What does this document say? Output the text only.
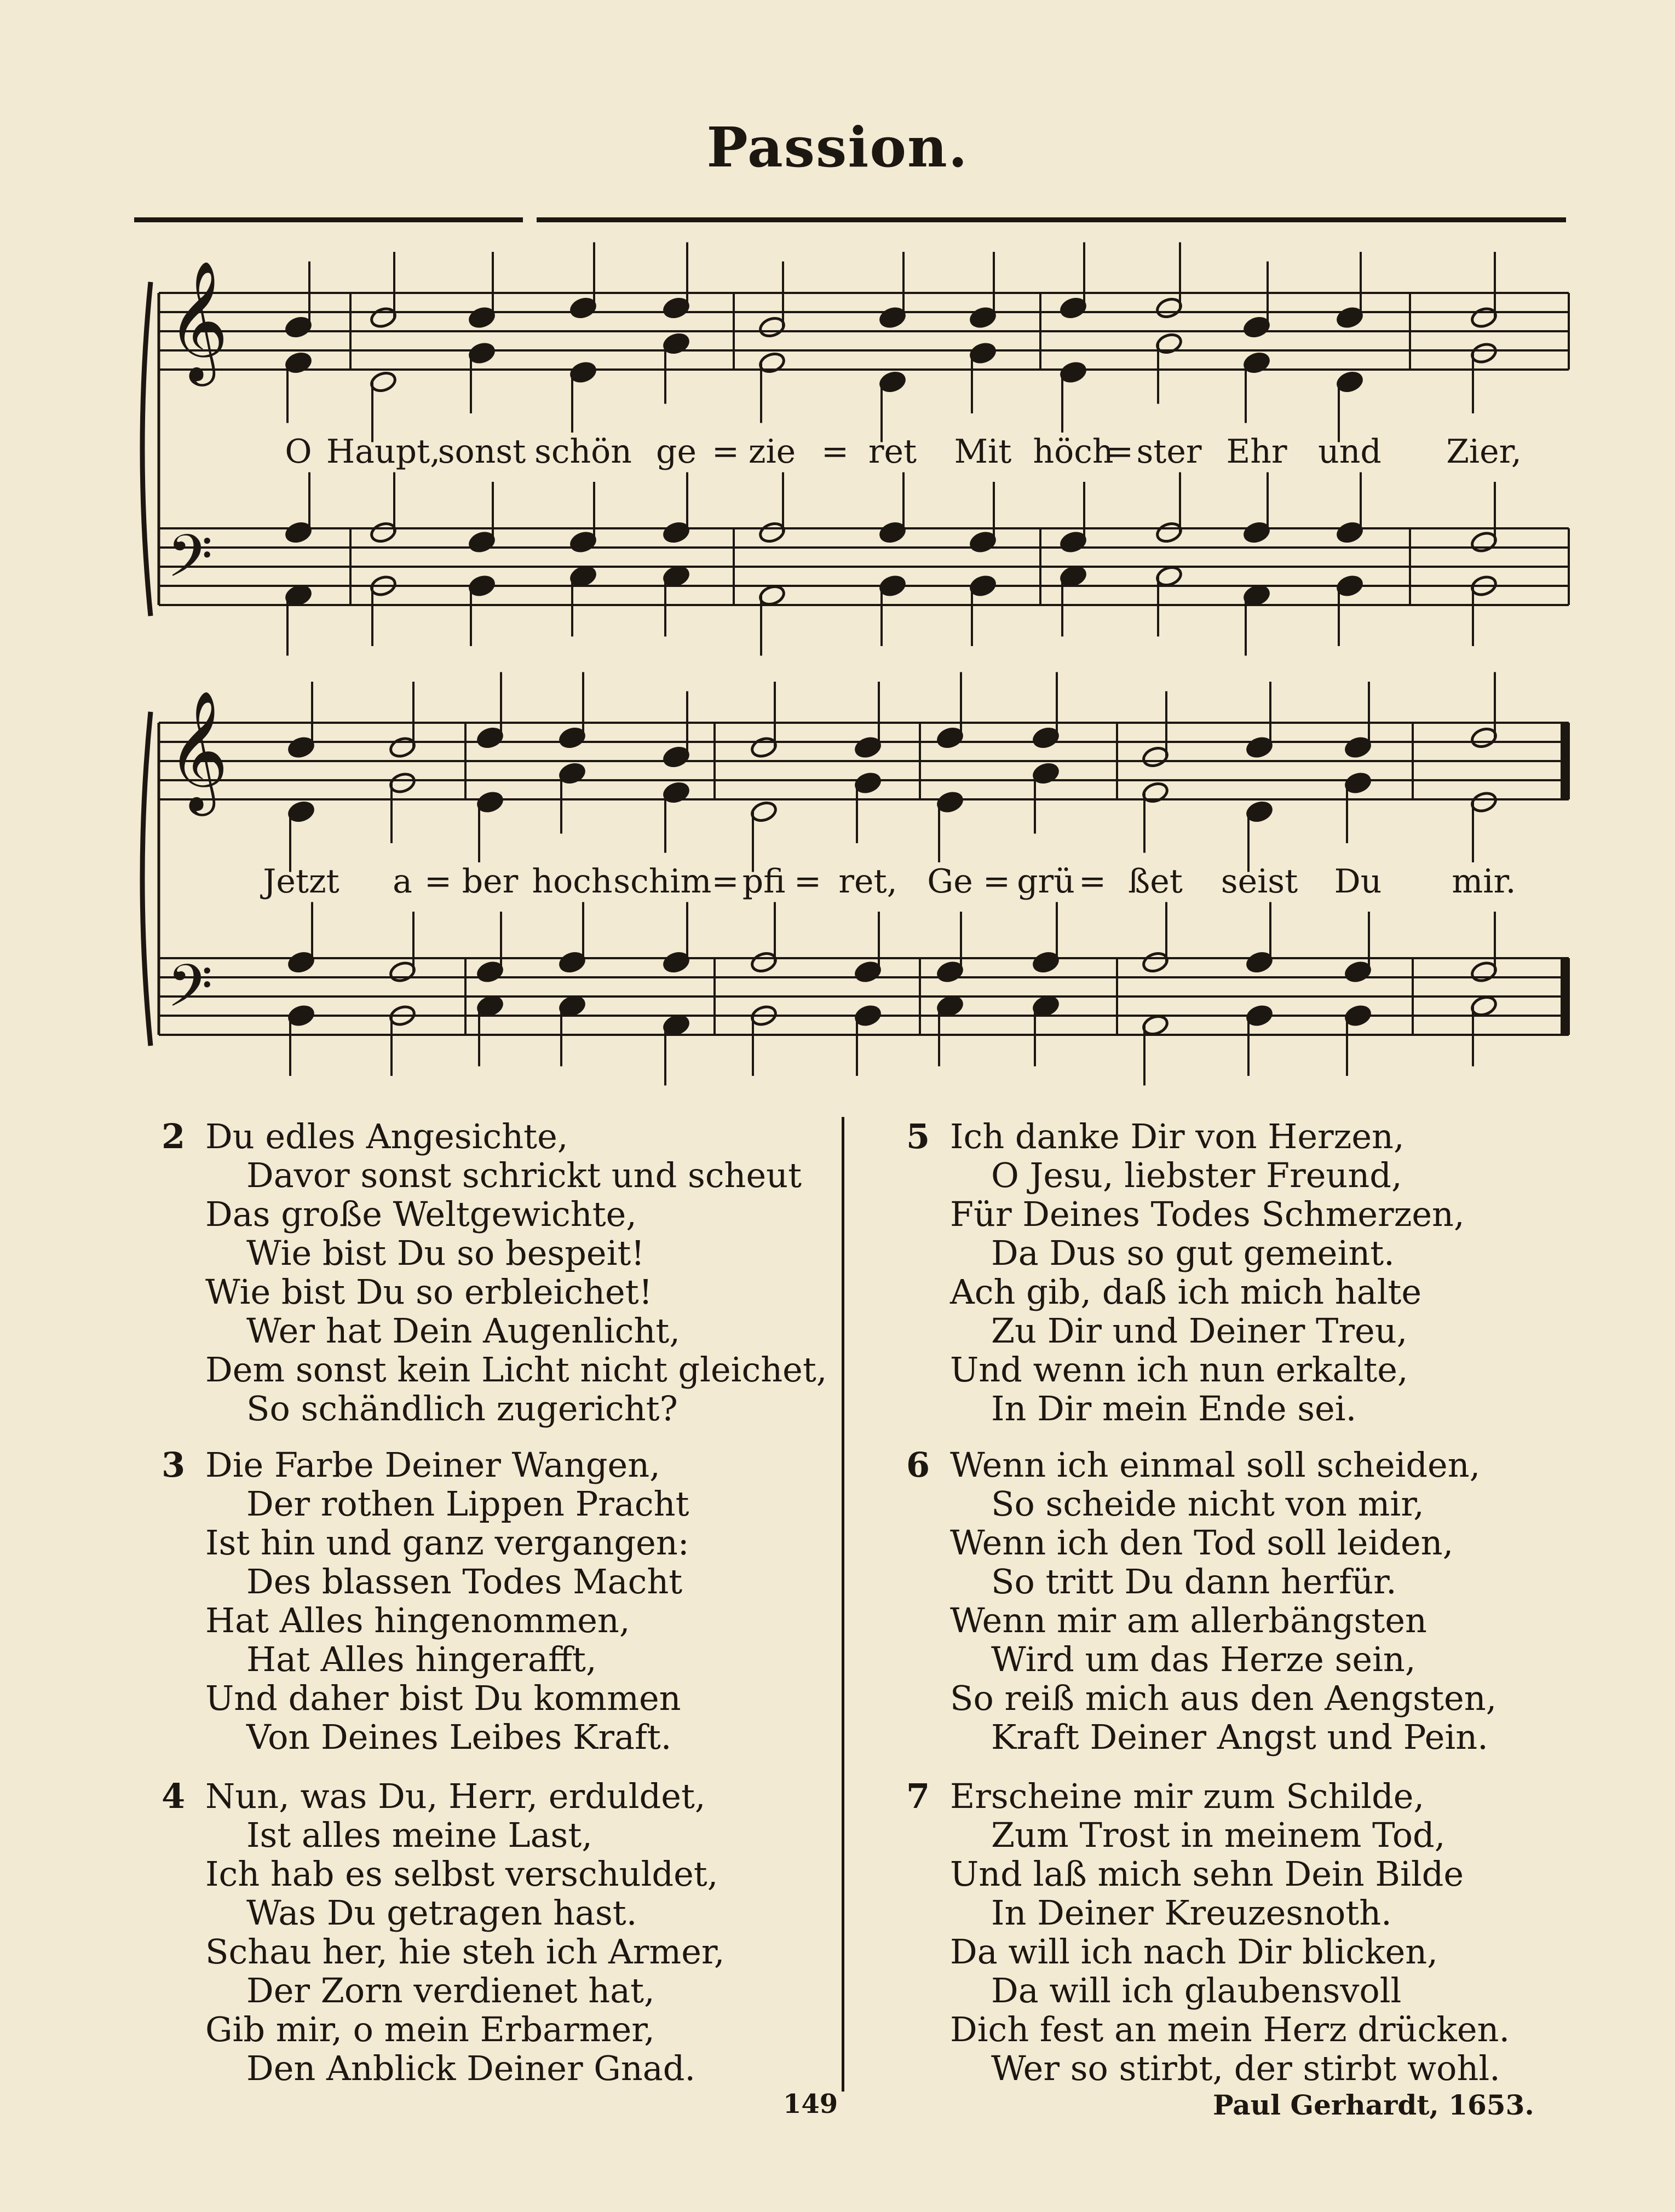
Passion.
𝄞
𝄢
𝄞
𝄢
O Haupt,
sonst schön ge = zie = ret Mit höch
= ster Ehr und Zier,
Jetzt a = ber hoch schim= pfi = ret, Ge = grü = ßet seist Du mir.
2 Du edles Angesichte,
Davor sonst schrickt und scheut
Das große Weltgewichte,
Wie bist Du so bespeit!
Wie bist Du so erbleichet!
Wer hat Dein Augenlicht,
Dem sonst kein Licht nicht gleichet,
So schändlich zugericht?
3 Die Farbe Deiner Wangen,
Der rothen Lippen Pracht
Ist hin und ganz vergangen:
Des blassen Todes Macht
Hat Alles hingenommen,
Hat Alles hingerafft,
Und daher bist Du kommen
Von Deines Leibes Kraft.
4 Nun, was Du, Herr, erduldet,
Ist alles meine Last,
Ich hab es selbst verschuldet,
Was Du getragen hast.
Schau her, hie steh ich Armer,
Der Zorn verdienet hat,
Gib mir, o mein Erbarmer,
Den Anblick Deiner Gnad.
5 Ich danke Dir von Herzen,
O Jesu, liebster Freund,
Für Deines Todes Schmerzen,
Da Dus so gut gemeint.
Ach gib, daß ich mich halte
Zu Dir und Deiner Treu,
Und wenn ich nun erkalte,
In Dir mein Ende sei.
6 Wenn ich einmal soll scheiden,
So scheide nicht von mir,
Wenn ich den Tod soll leiden,
So tritt Du dann herfür.
Wenn mir am allerbängsten
Wird um das Herze sein,
So reiß mich aus den Aengsten,
Kraft Deiner Angst und Pein.
7 Erscheine mir zum Schilde,
Zum Trost in meinem Tod,
Und laß mich sehn Dein Bilde
In Deiner Kreuzesnoth.
Da will ich nach Dir blicken,
Da will ich glaubensvoll
Dich fest an mein Herz drücken.
Wer so stirbt, der stirbt wohl.
149	Paul Gerhardt, 1653.
